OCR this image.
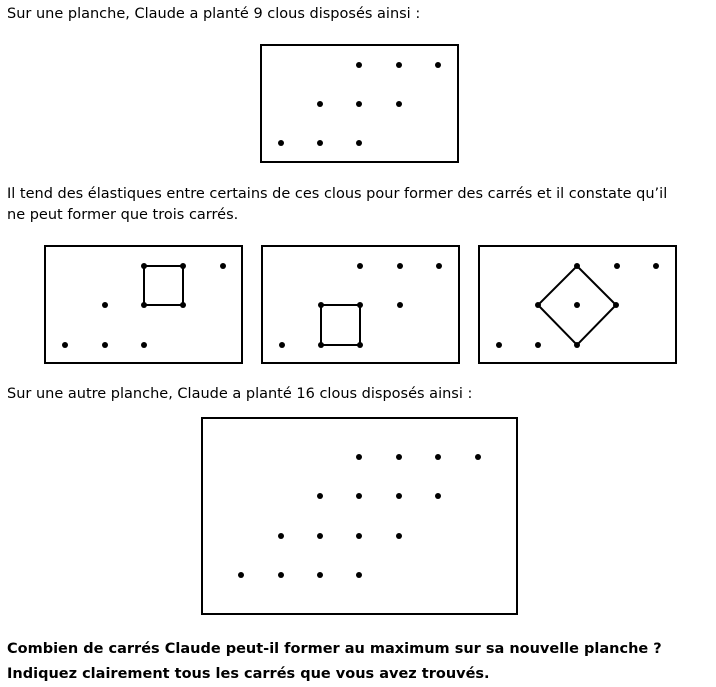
Sur une planche, Claude a planté 9 clous disposés ainsi :

Il tend des élastiques entre certains de ces clous pour former des carrés et il constate qu’il

ne peut former que trois carrés.

Sur une autre planche, Claude a planté 16 clous disposés ainsi :

Combien de carrés Claude peut-il former au maximum sur sa nouvelle planche ?

Indiquez clairement tous les carrés que vous avez trouvés.
